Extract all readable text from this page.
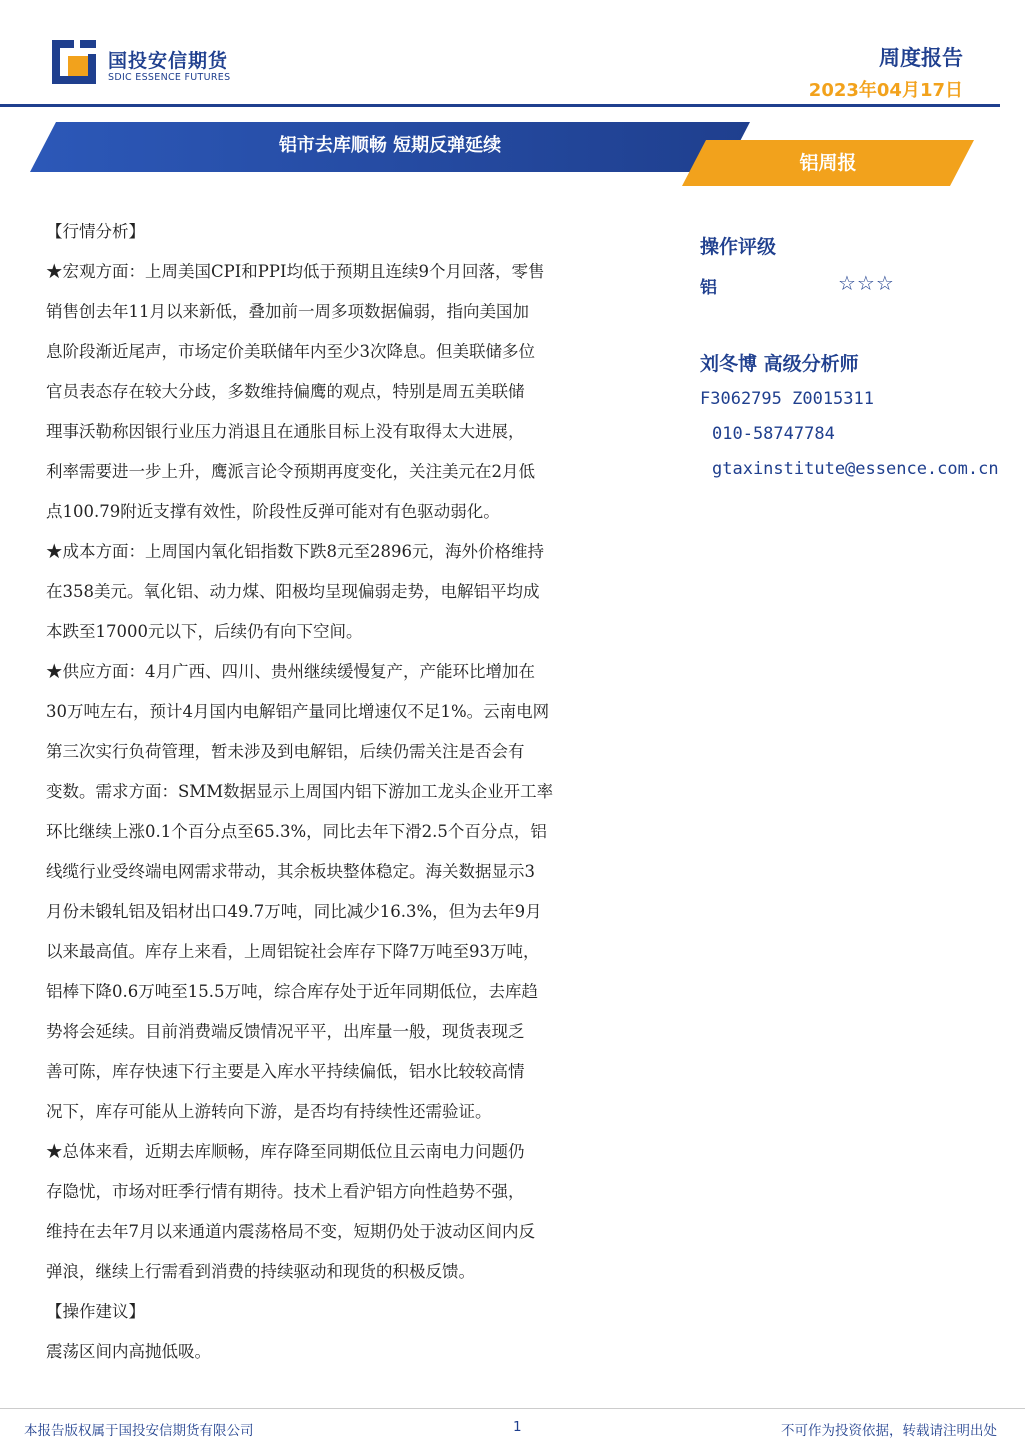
国投安信期货
SDIC ESSENCE FUTURES
周度报告
2023年04月17日
铝市去库顺畅 短期反弹延续
铝周报
【行情分析】
★宏观方面：上周美国CPI和PPI均低于预期且连续9个月回落，零售
销售创去年11月以来新低，叠加前一周多项数据偏弱，指向美国加
息阶段渐近尾声，市场定价美联储年内至少3次降息。但美联储多位
官员表态存在较大分歧，多数维持偏鹰的观点，特别是周五美联储
理事沃勒称因银行业压力消退且在通胀目标上没有取得太大进展，
利率需要进一步上升，鹰派言论令预期再度变化，关注美元在2月低
点100.79附近支撑有效性，阶段性反弹可能对有色驱动弱化。
★成本方面：上周国内氧化铝指数下跌8元至2896元，海外价格维持
在358美元。氧化铝、动力煤、阳极均呈现偏弱走势，电解铝平均成
本跌至17000元以下，后续仍有向下空间。
★供应方面：4月广西、四川、贵州继续缓慢复产，产能环比增加在
30万吨左右，预计4月国内电解铝产量同比增速仅不足1%。云南电网
第三次实行负荷管理，暂未涉及到电解铝，后续仍需关注是否会有
变数。需求方面：SMM数据显示上周国内铝下游加工龙头企业开工率
环比继续上涨0.1个百分点至65.3%，同比去年下滑2.5个百分点，铝
线缆行业受终端电网需求带动，其余板块整体稳定。海关数据显示3
月份未锻轧铝及铝材出口49.7万吨，同比减少16.3%，但为去年9月
以来最高值。库存上来看，上周铝锭社会库存下降7万吨至93万吨，
铝棒下降0.6万吨至15.5万吨，综合库存处于近年同期低位，去库趋
势将会延续。目前消费端反馈情况平平，出库量一般，现货表现乏
善可陈，库存快速下行主要是入库水平持续偏低，铝水比较较高情
况下，库存可能从上游转向下游，是否均有持续性还需验证。
★总体来看，近期去库顺畅，库存降至同期低位且云南电力问题仍
存隐忧，市场对旺季行情有期待。技术上看沪铝方向性趋势不强，
维持在去年7月以来通道内震荡格局不变，短期仍处于波动区间内反
弹浪，继续上行需看到消费的持续驱动和现货的积极反馈。
【操作建议】
震荡区间内高抛低吸。
操作评级
铝	☆☆☆
刘冬博 高级分析师
F3062795 Z0015311
010-58747784
gtaxinstitute@essence.com.cn
本报告版权属于国投安信期货有限公司	1	不可作为投资依据，转载请注明出处
